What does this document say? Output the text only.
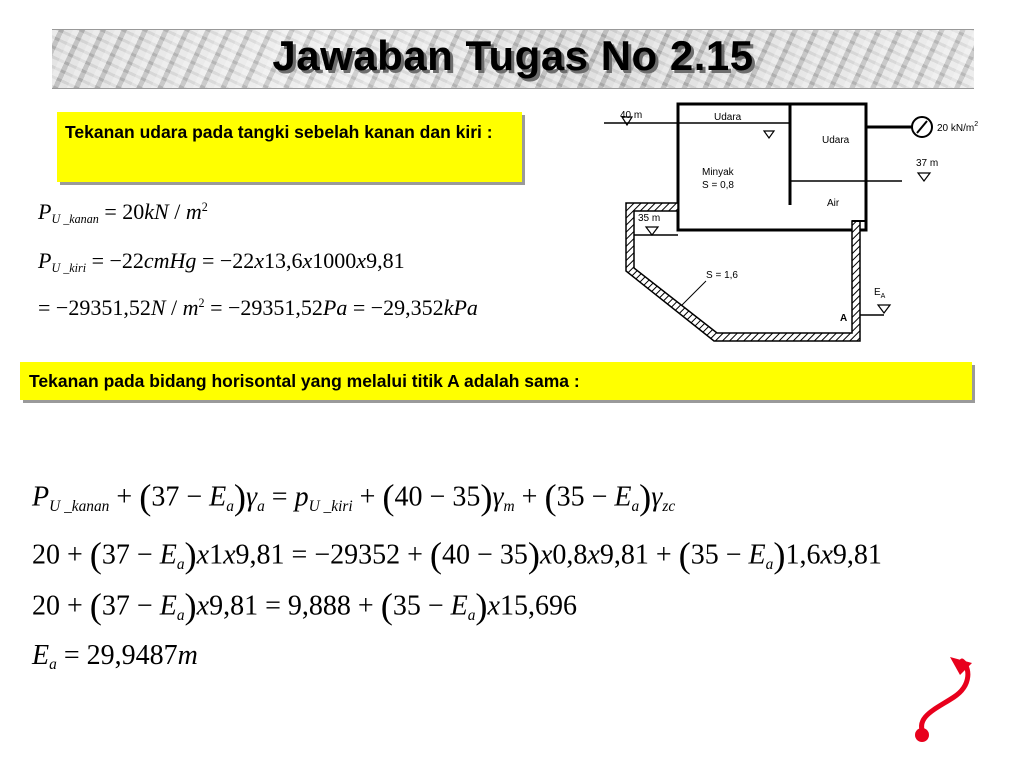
Jawaban Tugas No 2.15
Tekanan udara pada tangki sebelah kanan dan kiri :
PU _kanan = $20kN / m^2$
PU _kiri = −22cmHg = −22x13,6x1000x9,81
= $-29351,52N / m^2 = -29351,52Pa = -29,352kPa$
Tekanan pada bidang horisontal yang melalui titik A adalah sama :
PU _kanan + (37 − Ea)γa = pU _kiri + (40 − 35)γm + (35 − Ea)γzc
20 + (37 − Ea)x1x9,81 = −29352 + (40 − 35)x0,8x9,81 + (35 − Ea)1,6x9,81
20 + (37 − Ea)x9,81 = 9,888 + (35 − Ea)x15,696
Ea = 29,9487m
40 m	Udara
Udara
20 $kN/m^2$
37 m
Minyak
S = 0,8
Air
35 m
S = 1,6
$E_A$
A
